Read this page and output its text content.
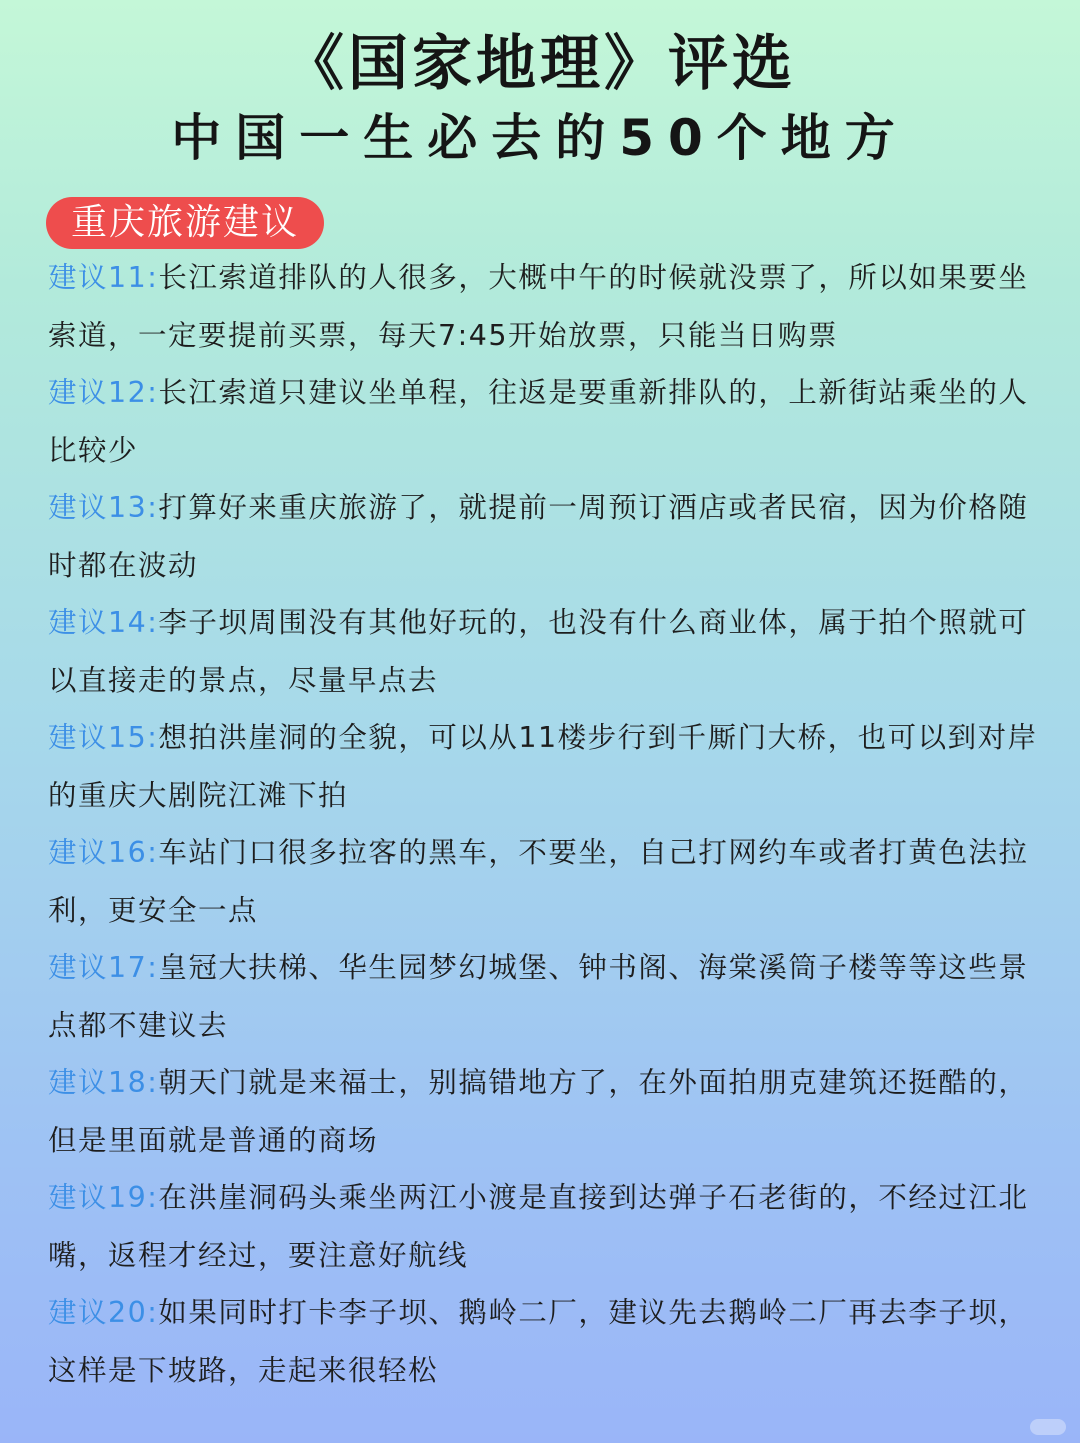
《国家地理》评选
中国一生必去的50个地方
重庆旅游建议
建议11:长江索道排队的人很多，大概中午的时候就没票了，所以如果要坐索道，一定要提前买票，每天7:45开始放票，只能当日购票
建议12:长江索道只建议坐单程，往返是要重新排队的，上新街站乘坐的人比较少
建议13:打算好来重庆旅游了，就提前一周预订酒店或者民宿，因为价格随时都在波动
建议14:李子坝周围没有其他好玩的，也没有什么商业体，属于拍个照就可以直接走的景点，尽量早点去
建议15:想拍洪崖洞的全貌，可以从11楼步行到千厮门大桥，也可以到对岸的重庆大剧院江滩下拍
建议16:车站门口很多拉客的黑车，不要坐，自己打网约车或者打黄色法拉利，更安全一点
建议17:皇冠大扶梯、华生园梦幻城堡、钟书阁、海棠溪筒子楼等等这些景点都不建议去
建议18:朝天门就是来福士，别搞错地方了，在外面拍朋克建筑还挺酷的，但是里面就是普通的商场
建议19:在洪崖洞码头乘坐两江小渡是直接到达弹子石老街的，不经过江北嘴，返程才经过，要注意好航线
建议20:如果同时打卡李子坝、鹅岭二厂，建议先去鹅岭二厂再去李子坝，这样是下坡路，走起来很轻松
